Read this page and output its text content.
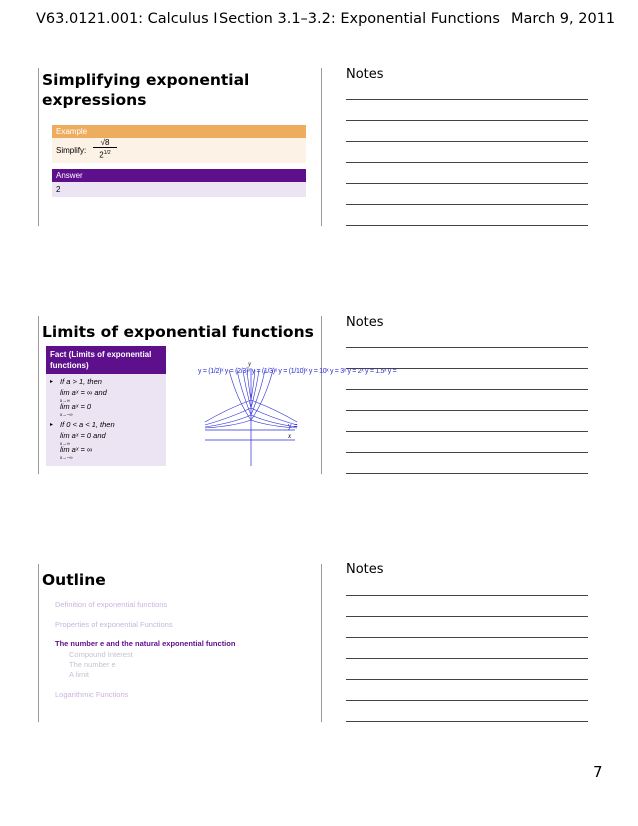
V63.0121.001: Calculus I Section 3.1–3.2: Exponential Functions March 9, 2011
Simplifying exponential
expressions
Example
Simplify:
√8
$2^{1/2}$
Answer
2
Limits of exponential functions
Fact (Limits of exponential
functions)
▸ If a > 1, then
lim aˣ = ∞ and
x→∞
lim aˣ = 0
x→−∞
▸ If 0 < a < 1, then
lim aˣ = 0 and
x→∞
lim aˣ = ∞
x→−∞
y =
x
y
y = (1/2)ˣ y = (2/3)ˣ y = (1/3)ˣ y = (1/10)ˣ y = 10ˣ y = 3ˣ y = 2ˣ y = 1.5ˣ y =
Outline
Definition of exponential functions
Properties of exponential Functions
The number e and the natural exponential function
Compound Interest
The number e
A limit
Logarithmic Functions
Notes
Notes
Notes
7
